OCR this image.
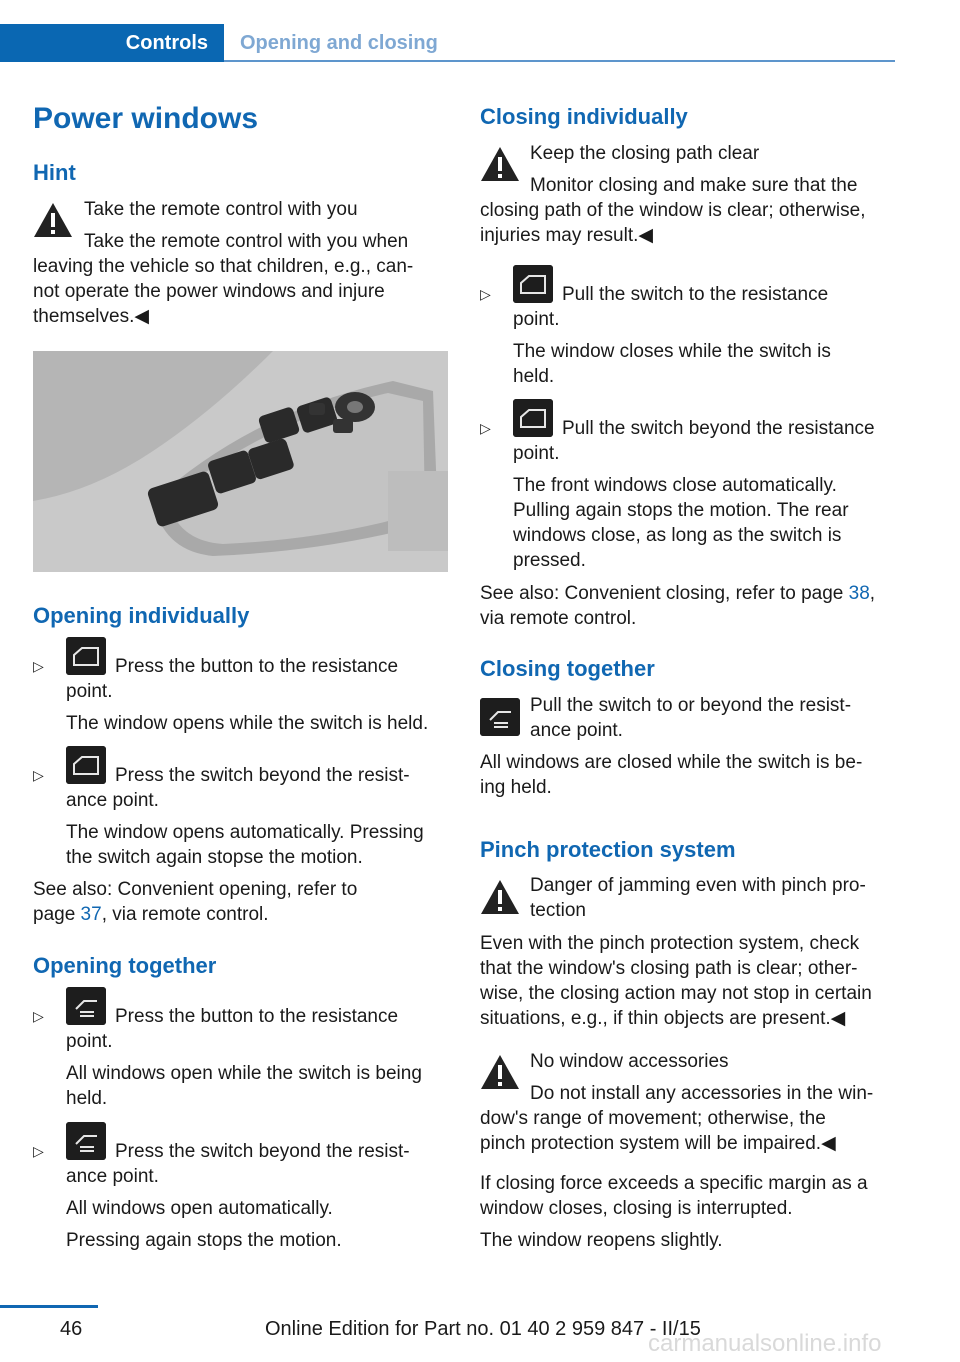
Controls	Opening and closing
Power windows
Hint
Take the remote control with you
Take the remote control with you when
leaving the vehicle so that children, e.g., can‐
not operate the power windows and injure
themselves.◀
Opening individually
▷	Press the button to the resistance
point.
The window opens while the switch is held.
▷	Press the switch beyond the resist‐
ance point.
The window opens automatically. Pressing
the switch again stopse the motion.
See also: Convenient opening, refer to
page 37, via remote control.
Opening together
▷	Press the button to the resistance
point.
All windows open while the switch is being
held.
▷	Press the switch beyond the resist‐
ance point.
All windows open automatically.
Pressing again stops the motion.
Closing individually
Keep the closing path clear
Monitor closing and make sure that the
closing path of the window is clear; otherwise,
injuries may result.◀
▷	Pull the switch to the resistance
point.
The window closes while the switch is
held.
▷	Pull the switch beyond the resistance
point.
The front windows close automatically.
Pulling again stops the motion. The rear
windows close, as long as the switch is
pressed.
See also: Convenient closing, refer to page 38,
via remote control.
Closing together
Pull the switch to or beyond the resist‐
ance point.
All windows are closed while the switch is be‐
ing held.
Pinch protection system
Danger of jamming even with pinch pro‐
tection
Even with the pinch protection system, check
that the window's closing path is clear; other‐
wise, the closing action may not stop in certain
situations, e.g., if thin objects are present.◀
No window accessories
Do not install any accessories in the win‐
dow's range of movement; otherwise, the
pinch protection system will be impaired.◀
If closing force exceeds a specific margin as a
window closes, closing is interrupted.
The window reopens slightly.
46	Online Edition for Part no. 01 40 2 959 847 - II/15
carmanualsonline.info
